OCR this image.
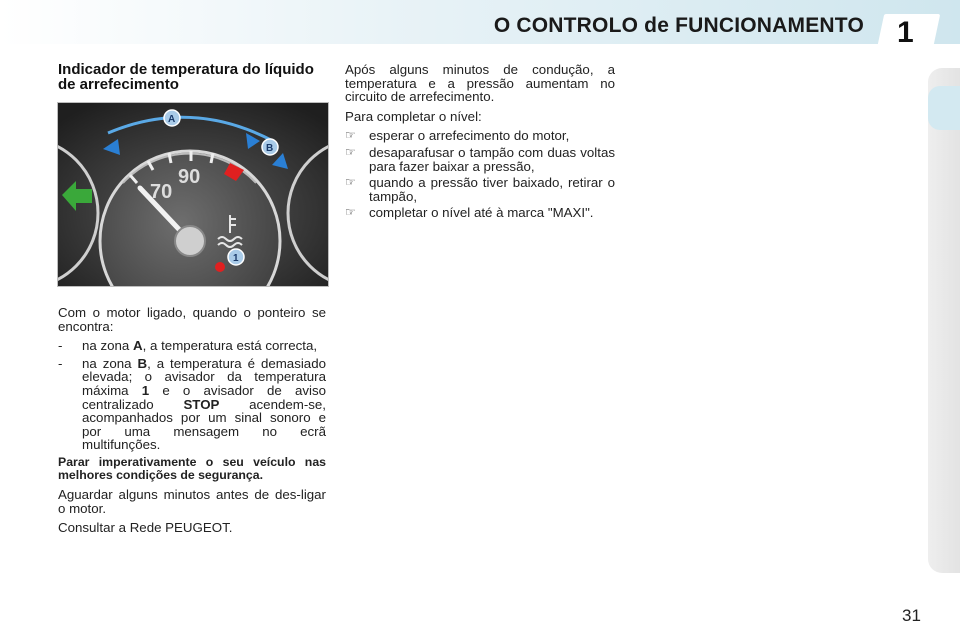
O CONTROLO de FUNCIONAMENTO 1
Indicador de temperatura do líquido de arrefecimento
70
90
A
B
1

Com o motor ligado, quando o ponteiro se encontra:

- na zona A, a temperatura está correcta,
- na zona B, a temperatura é demasiado elevada; o avisador da temperatura máxima 1 e o avisador de aviso centralizado STOP acendem-se, acompanhados por um sinal sonoro e por uma mensagem no ecrã multifunções.

Parar imperativamente o seu veículo nas melhores condições de segurança.

Aguardar alguns minutos antes de des-ligar o motor.

Consultar a Rede PEUGEOT.

Após alguns minutos de condução, a temperatura e a pressão aumentam no circuito de arrefecimento.

Para completar o nível:

☞ esperar o arrefecimento do motor,
☞ desaparafusar o tampão com duas voltas para fazer baixar a pressão,
☞ quando a pressão tiver baixado, retirar o tampão,
☞ completar o nível até à marca "MAXI".
31
